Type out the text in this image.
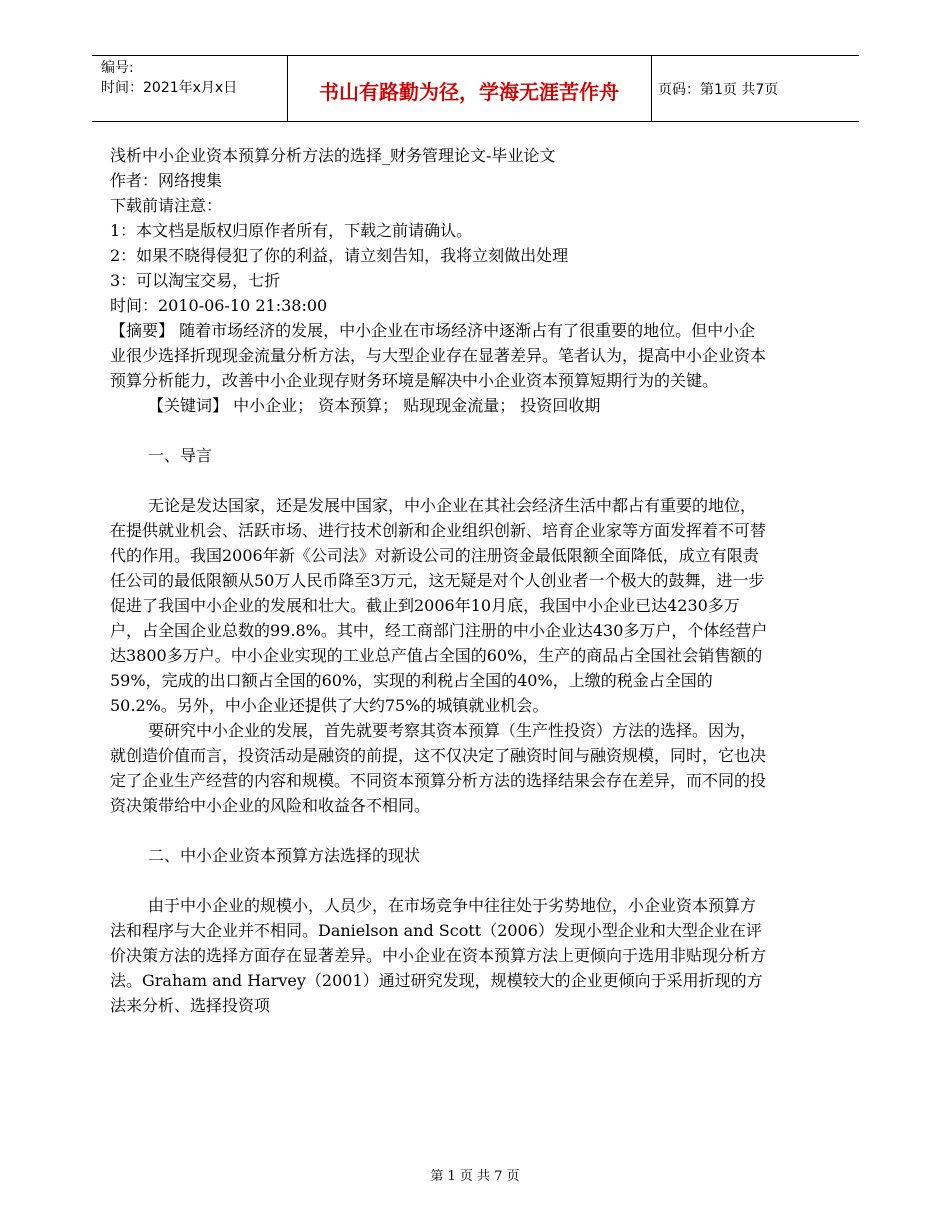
编号:
时间：2021年x月x日	书山有路勤为径，学海无涯苦作舟	页码：第1页 共7页
浅析中小企业资本预算分析方法的选择_财务管理论文-毕业论文
作者：网络搜集
下载前请注意：
1：本文档是版权归原作者所有，下载之前请确认。
2：如果不晓得侵犯了你的利益，请立刻告知，我将立刻做出处理
3：可以淘宝交易，七折
时间：2010-06-10 21:38:00

【摘要】 随着市场经济的发展，中小企业在市场经济中逐渐占有了很重要的地位。但中小企业很少选择折现现金流量分析方法，与大型企业存在显著差异。笔者认为，提高中小企业资本预算分析能力，改善中小企业现存财务环境是解决中小企业资本预算短期行为的关键。

【关键词】 中小企业； 资本预算； 贴现现金流量； 投资回收期

一、导言

无论是发达国家，还是发展中国家，中小企业在其社会经济生活中都占有重要的地位，在提供就业机会、活跃市场、进行技术创新和企业组织创新、培育企业家等方面发挥着不可替代的作用。我国2006年新《公司法》对新设公司的注册资金最低限额全面降低，成立有限责任公司的最低限额从50万人民币降至3万元，这无疑是对个人创业者一个极大的鼓舞，进一步促进了我国中小企业的发展和壮大。截止到2006年10月底，我国中小企业已达4230多万户，占全国企业总数的99.8%。其中，经工商部门注册的中小企业达430多万户，个体经营户达3800多万户。中小企业实现的工业总产值占全国的60%，生产的商品占全国社会销售额的59%，完成的出口额占全国的60%，实现的利税占全国的40%，上缴的税金占全国的50.2%。另外，中小企业还提供了大约75%的城镇就业机会。

要研究中小企业的发展，首先就要考察其资本预算（生产性投资）方法的选择。因为，就创造价值而言，投资活动是融资的前提，这不仅决定了融资时间与融资规模，同时，它也决定了企业生产经营的内容和规模。不同资本预算分析方法的选择结果会存在差异，而不同的投资决策带给中小企业的风险和收益各不相同。

二、中小企业资本预算方法选择的现状

由于中小企业的规模小，人员少，在市场竞争中往往处于劣势地位，小企业资本预算方法和程序与大企业并不相同。Danielson and Scott（2006）发现小型企业和大型企业在评价决策方法的选择方面存在显著差异。中小企业在资本预算方法上更倾向于选用非贴现分析方法。Graham and Harvey（2001）通过研究发现，规模较大的企业更倾向于采用折现的方法来分析、选择投资项

第 1 页 共 7 页
